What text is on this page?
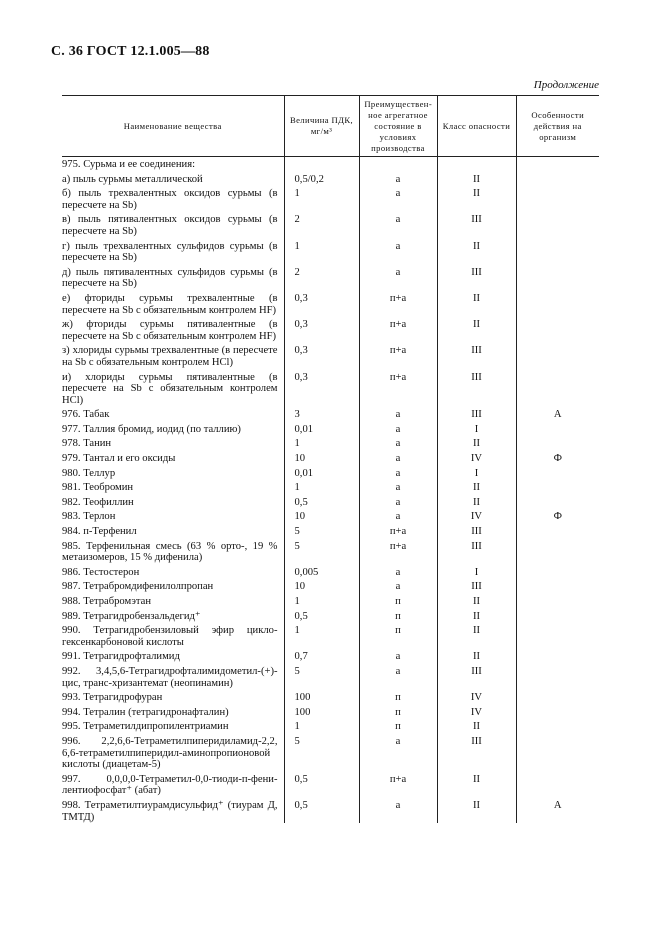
С. 36 ГОСТ 12.1.005—88
Продолжение
Наименование вещества	Величина ПДК, мг/м³	Преимущественное агрегатное состояние в условиях производства	Класс опасности	Особенности действия на организм
975. Сурьма и ее соединения:				
а) пыль сурьмы металлической	0,5/0,2	а	II	
б) пыль трехвалентных оксидов сурьмы (в пересчете на Sb)	1	а	II	
в) пыль пятивалентных оксидов сурьмы (в пересчете на Sb)	2	а	III	
г) пыль трехвалентных сульфидов сурьмы (в пересчете на Sb)	1	а	II	
д) пыль пятивалентных сульфидов сурьмы (в пересчете на Sb)	2	а	III	
е) фториды сурьмы трехвалентные (в пересчете на Sb с обязательным контролем HF)	0,3	п+а	II	
ж) фториды сурьмы пятивалентные (в пересчете на Sb с обязательным контролем HF)	0,3	п+а	II	
з) хлориды сурьмы трехвалентные (в пересчете на Sb с обязательным контролем HCl)	0,3	п+а	III	
и) хлориды сурьмы пятивалентные (в пересчете на Sb с обязательным контролем HCl)	0,3	п+а	III	
976. Табак	3	а	III	А
977. Таллия бромид, иодид (по таллию)	0,01	а	I	
978. Танин	1	а	II	
979. Тантал и его оксиды	10	а	IV	Ф
980. Теллур	0,01	а	I	
981. Теобромин	1	а	II	
982. Теофиллин	0,5	а	II	
983. Терлон	10	а	IV	Ф
984. п-Терфенил	5	п+а	III	
985. Терфенильная смесь (63 % орто-, 19 % метаизомеров, 15 % дифенила)	5	п+а	III	
986. Тестостерон	0,005	а	I	
987. Тетрабромдифенилолпропан	10	а	III	
988. Тетрабромэтан	1	п	II	
989. Тетрагидробензальдегид⁺	0,5	п	II	
990. Тетрагидробензиловый эфир циклогексенкарбоновой кислоты	1	п	II	
991. Тетрагидрофталимид	0,7	а	II	
992. 3,4,5,6-Тетрагидрофталимидометил-(+)-цис, транс-хризантемат (неопинамин)	5	а	III	
993. Тетрагидрофуран	100	п	IV	
994. Тетралин (тетрагидронафталин)	100	п	IV	
995. Тетраметилдипропилентриамин	1	п	II	
996. 2,2,6,6-Тетраметилпиперидиламид-2,2, 6,6-тетраметилпиперидил-аминопропионовой кислоты (диацетам-5)	5	а	III	
997. 0,0,0,0-Тетраметил-0,0-тиоди-п-фенилентиофосфат⁺ (абат)	0,5	п+а	II	
998. Тетраметилтиурамдисульфид⁺ (тиурам Д, ТМТД)	0,5	а	II	А
